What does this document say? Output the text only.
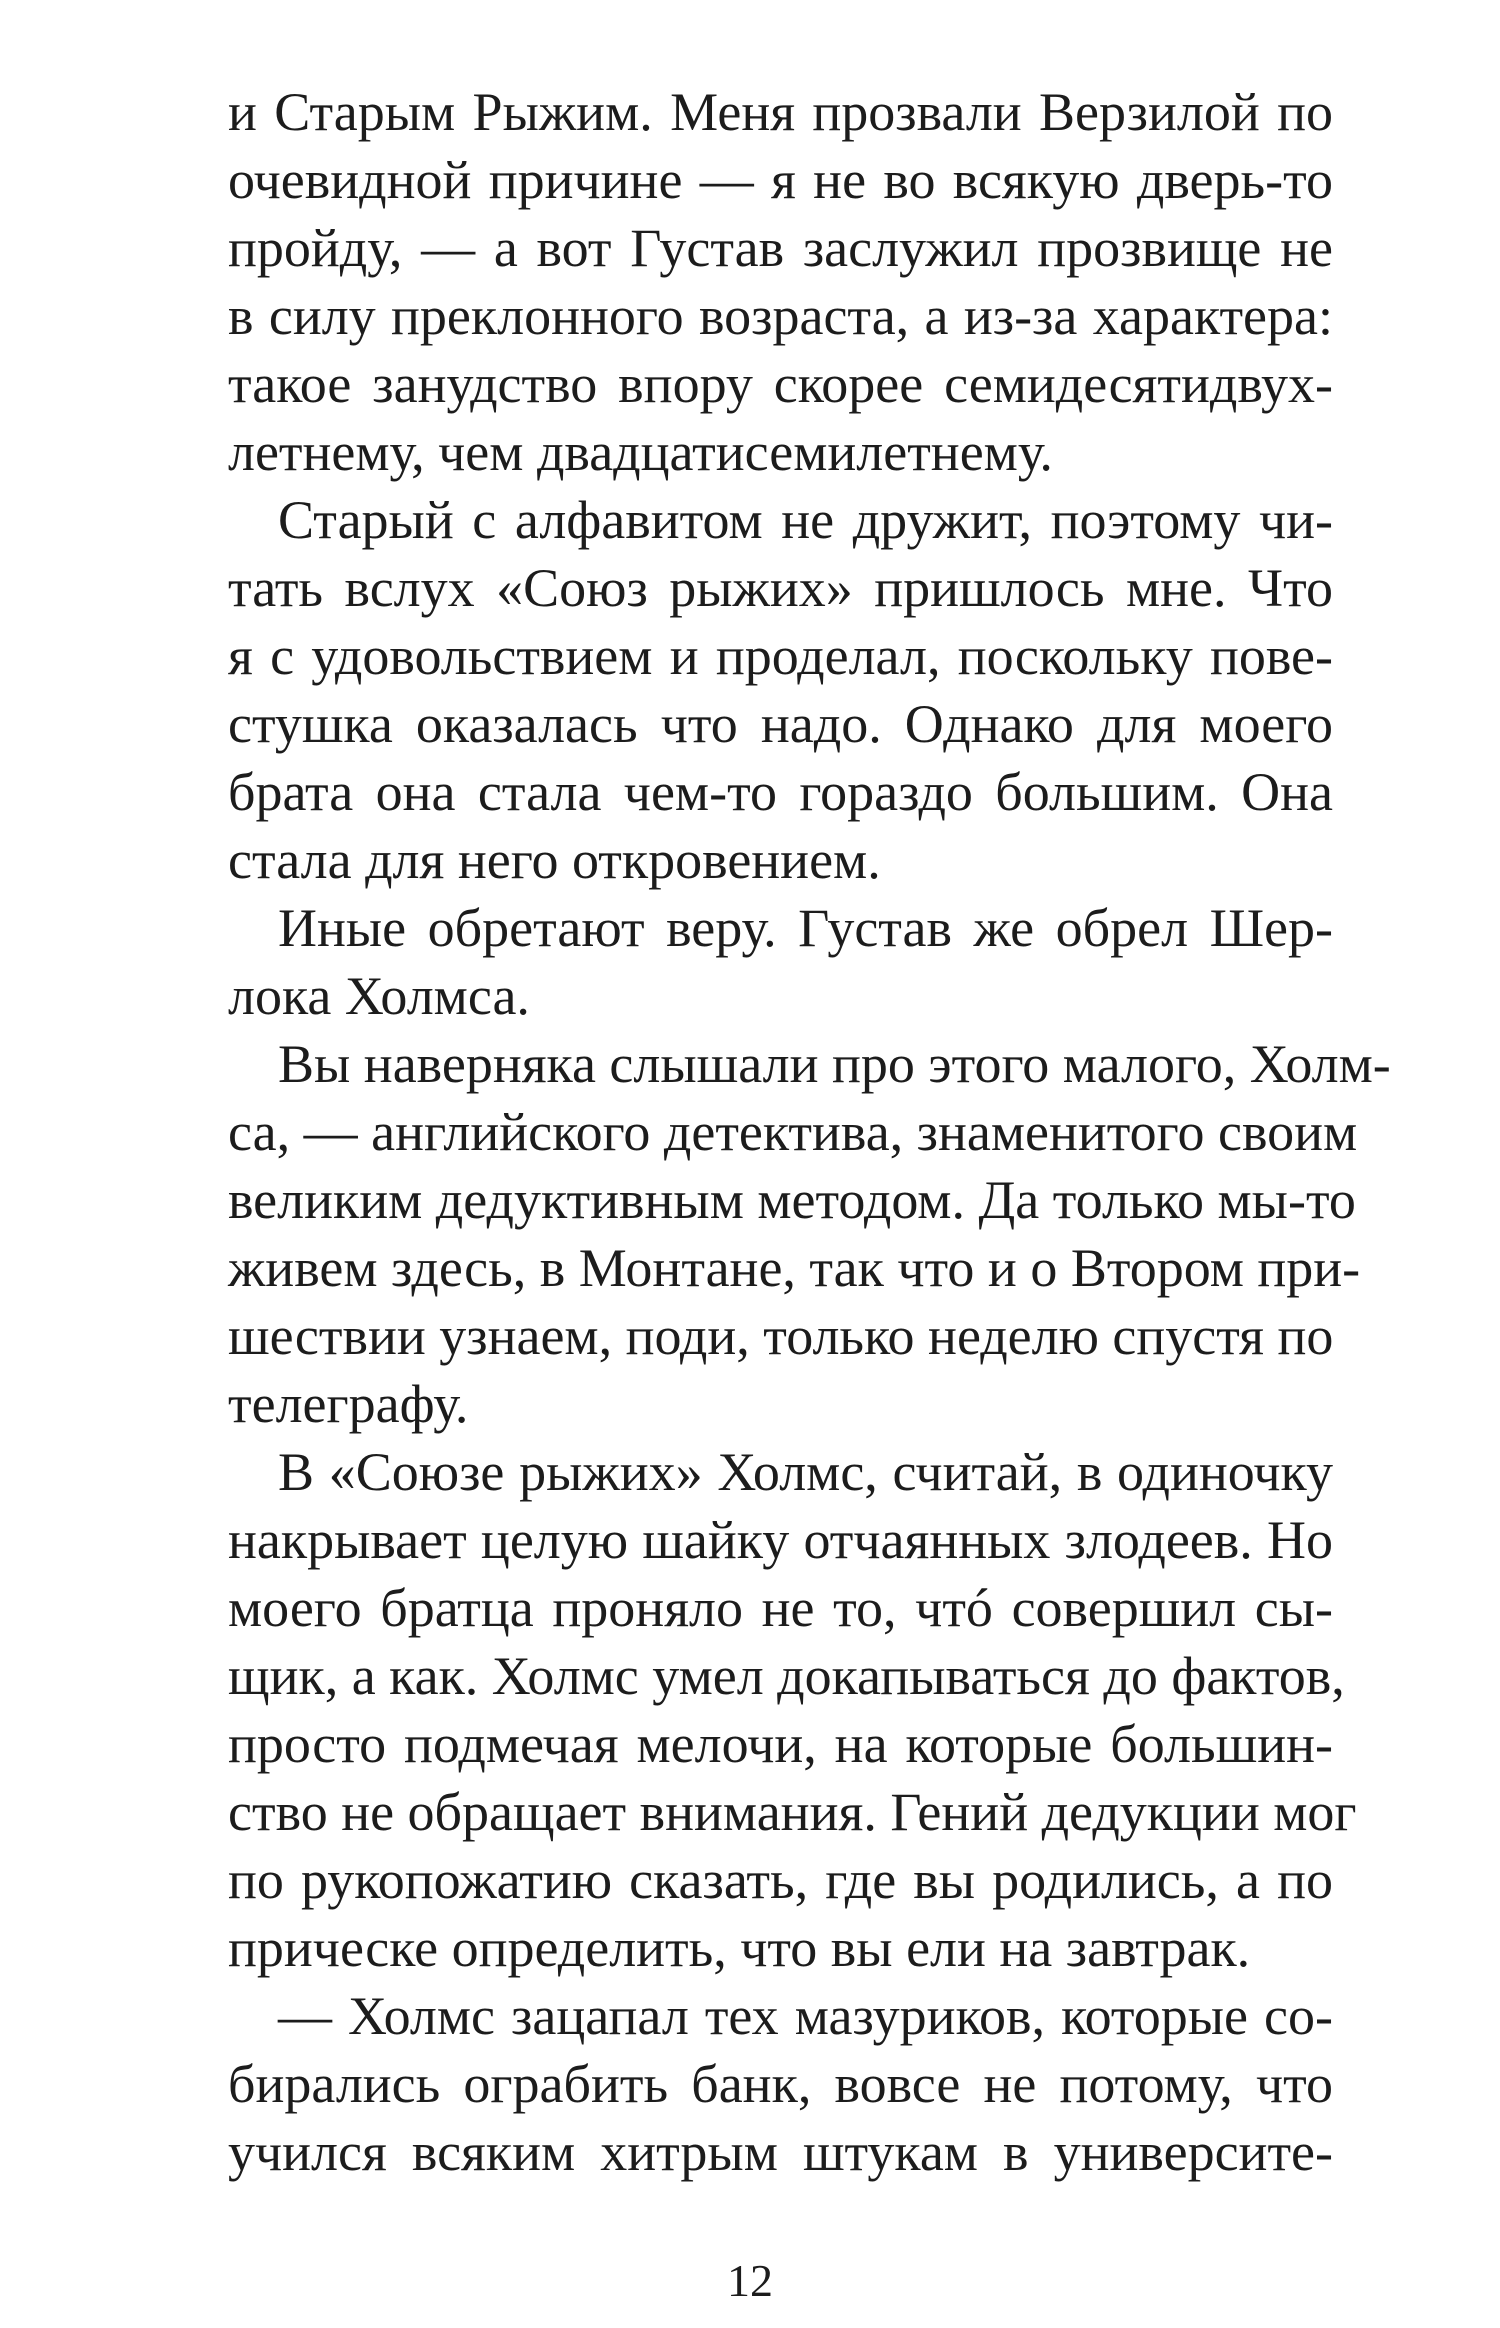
и Старым Рыжим. Меня прозвали Верзилой по
очевидной причине — я не во всякую дверь-то
пройду, — а вот Густав заслужил прозвище не
в силу преклонного возраста, а из-за характера:
такое занудство впору скорее семидесятидвух-
летнему, чем двадцатисемилетнему.
Старый с алфавитом не дружит, поэтому чи-
тать вслух «Союз рыжих» пришлось мне. Что
я с удовольствием и проделал, поскольку пове-
стушка оказалась что надо. Однако для моего
брата она стала чем-то гораздо большим. Она
стала для него откровением.
Иные обретают веру. Густав же обрел Шер-
лока Холмса.
Вы наверняка слышали про этого малого, Холм-
са, — английского детектива, знаменитого своим
великим дедуктивным методом. Да только мы-то
живем здесь, в Монтане, так что и о Втором при-
шествии узнаем, поди, только неделю спустя по
телеграфу.
В «Союзе рыжих» Холмс, считай, в одиночку
накрывает целую шайку отчаянных злодеев. Но
моего братца проняло не то, чтó совершил сы-
щик, а как. Холмс умел докапываться до фактов,
просто подмечая мелочи, на которые большин-
ство не обращает внимания. Гений дедукции мог
по рукопожатию сказать, где вы родились, а по
прическе определить, что вы ели на завтрак.
— Холмс зацапал тех мазуриков, которые со-
бирались ограбить банк, вовсе не потому, что
учился всяким хитрым штукам в университе-
12
